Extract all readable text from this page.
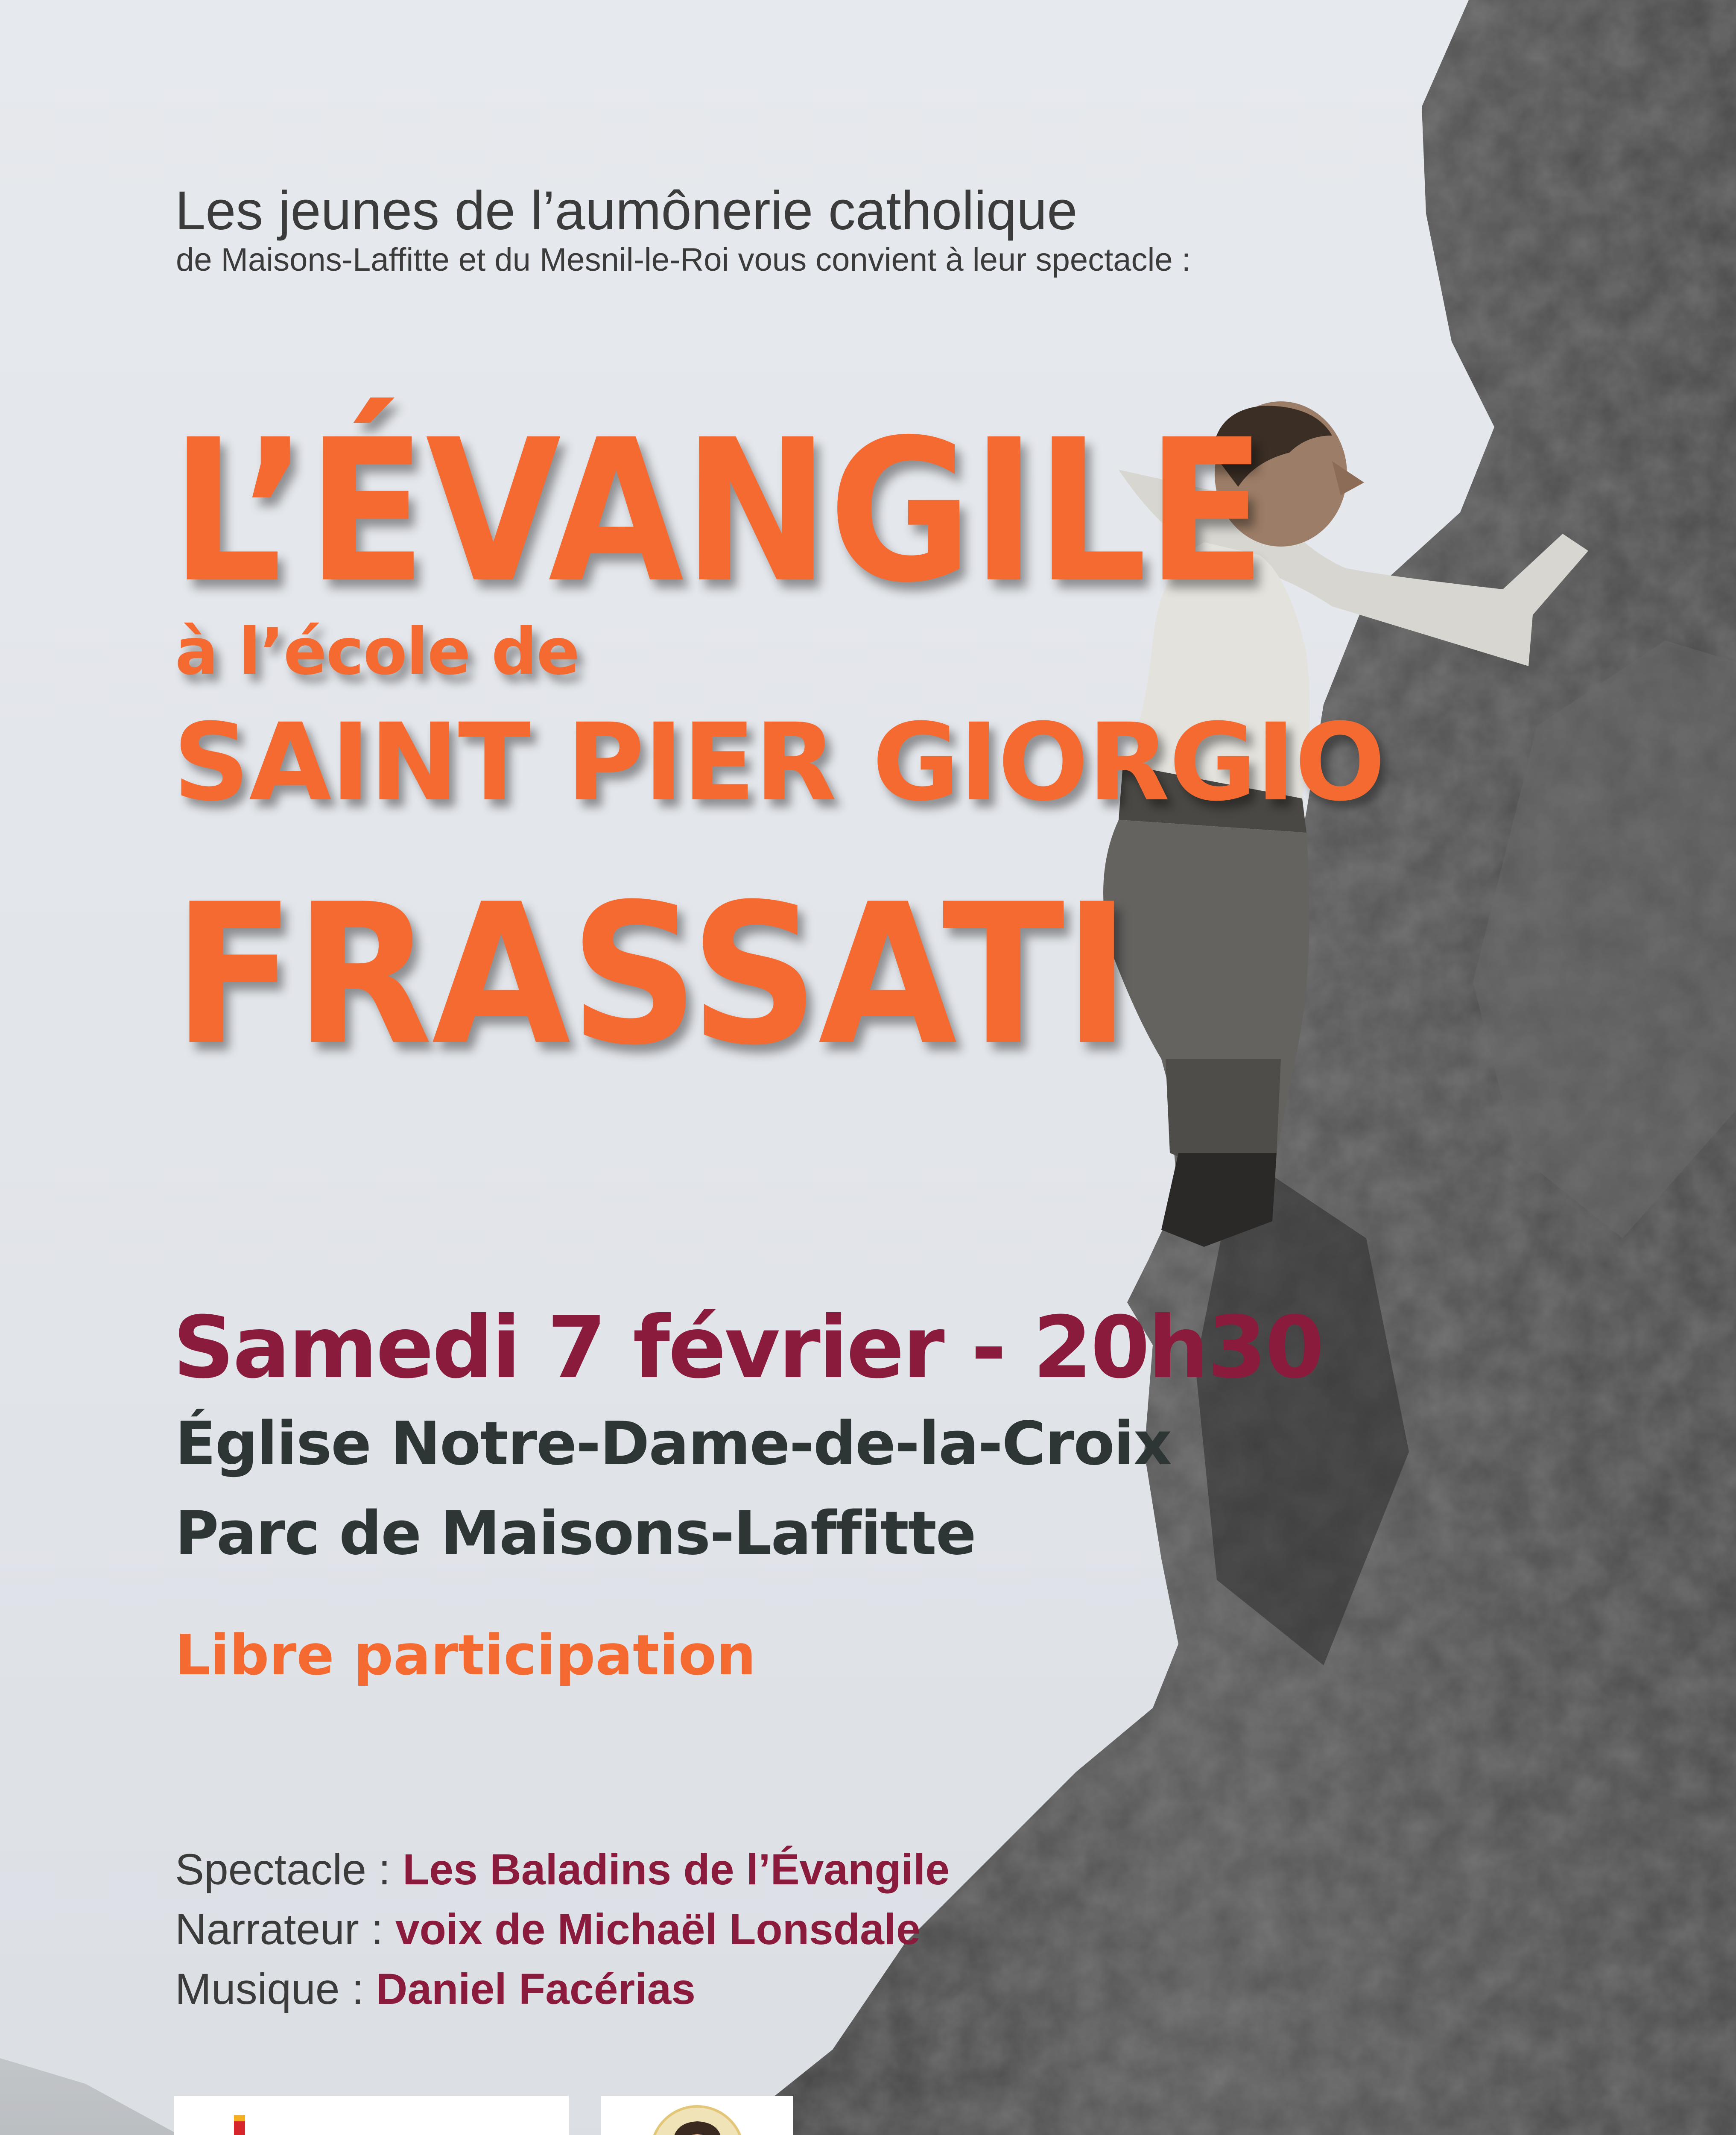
Les jeunes de l’aumônerie catholique
de Maisons-Laffitte et du Mesnil-le-Roi vous convient à leur spectacle :
L’ÉVANGILE
à l’école de
SAINT PIER GIORGIO
FRASSATI
Samedi 7 février - 20h30
Église Notre-Dame-de-la-Croix
Parc de Maisons-Laffitte
Libre participation
Spectacle : Les Baladins de l’Évangile
Narrateur : voix de Michaël Lonsdale
Musique : Daniel Facérias
